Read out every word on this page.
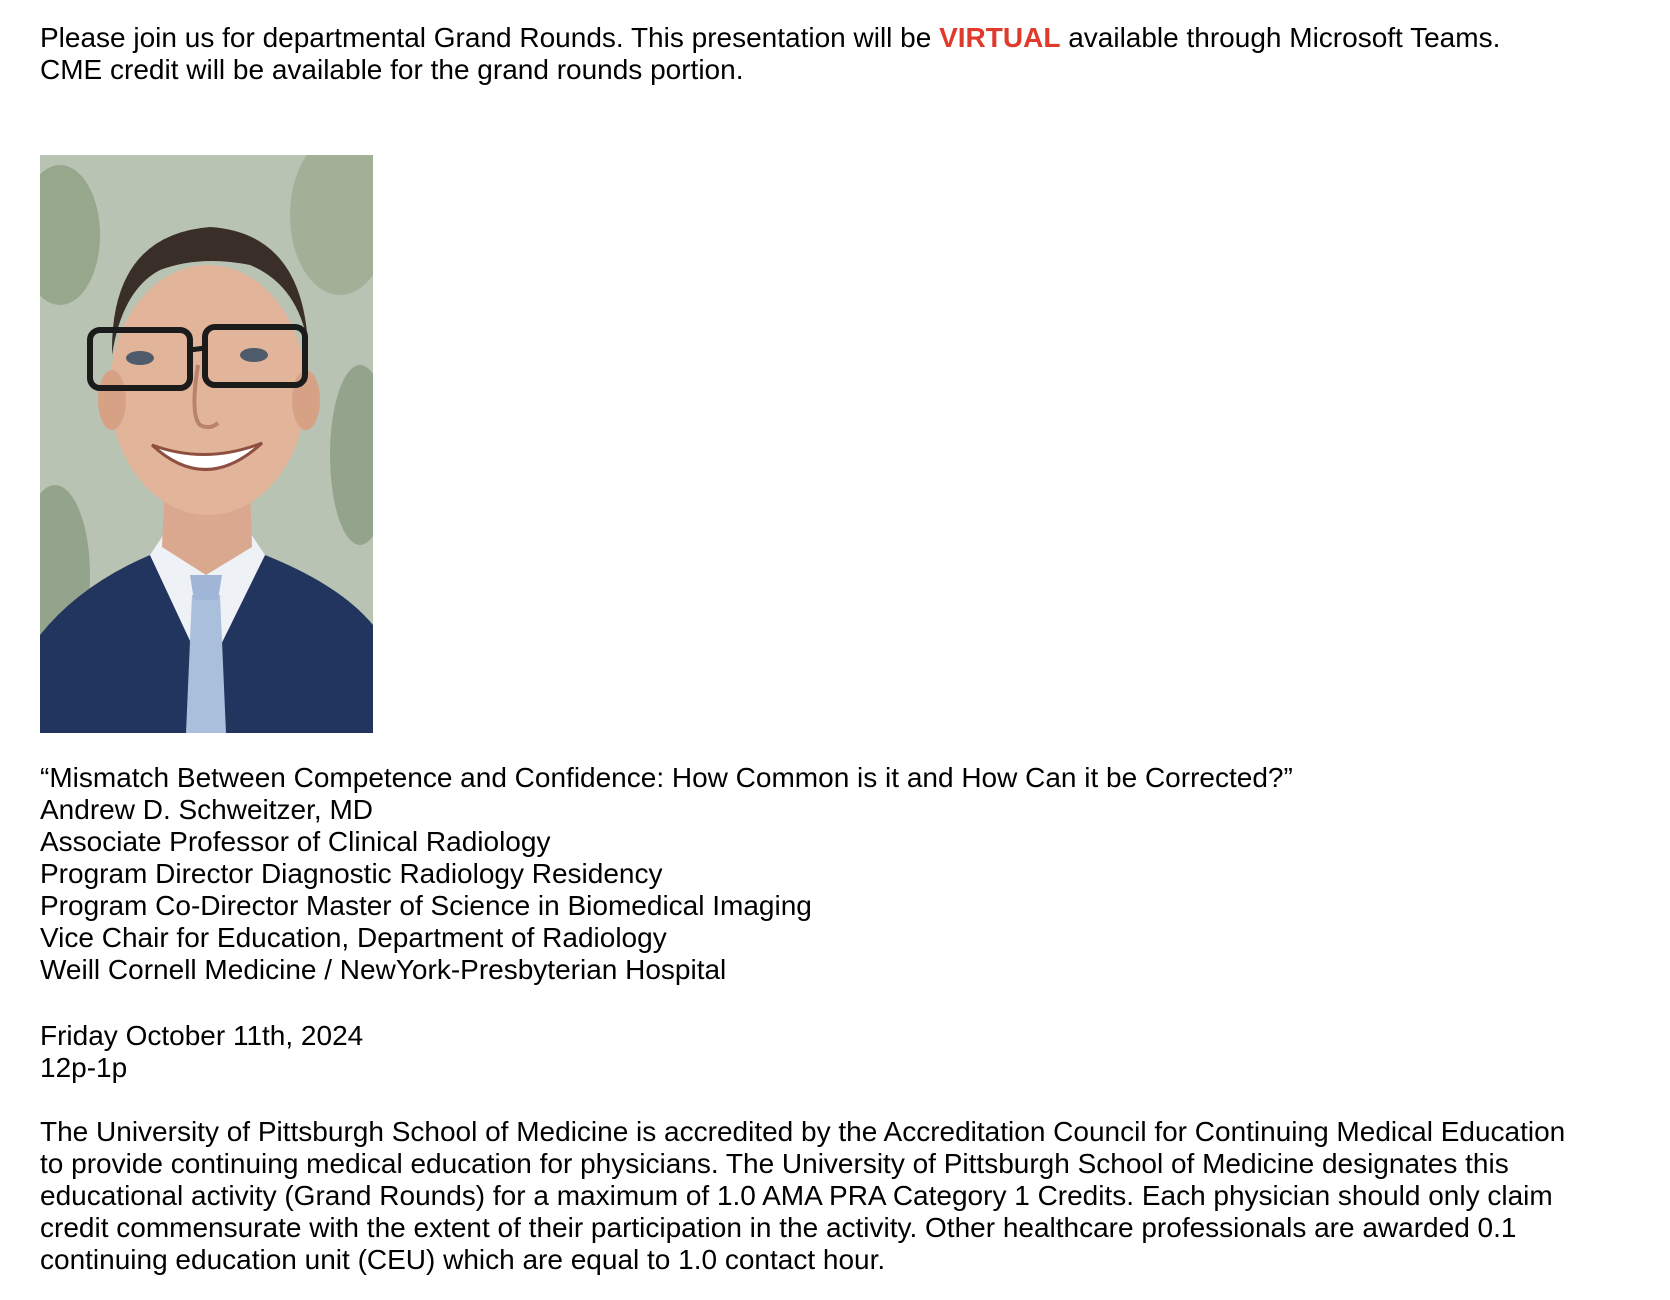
Please join us for departmental Grand Rounds. This presentation will be VIRTUAL available through Microsoft Teams.
CME credit will be available for the grand rounds portion.
“Mismatch Between Competence and Confidence: How Common is it and How Can it be Corrected?”
Andrew D. Schweitzer, MD
Associate Professor of Clinical Radiology
Program Director Diagnostic Radiology Residency
Program Co-Director Master of Science in Biomedical Imaging
Vice Chair for Education, Department of Radiology
Weill Cornell Medicine / NewYork-Presbyterian Hospital
Friday October 11th, 2024
12p-1p
The University of Pittsburgh School of Medicine is accredited by the Accreditation Council for Continuing Medical Education
to provide continuing medical education for physicians. The University of Pittsburgh School of Medicine designates this
educational activity (Grand Rounds) for a maximum of 1.0 AMA PRA Category 1 Credits. Each physician should only claim
credit commensurate with the extent of their participation in the activity. Other healthcare professionals are awarded 0.1
continuing education unit (CEU) which are equal to 1.0 contact hour.
